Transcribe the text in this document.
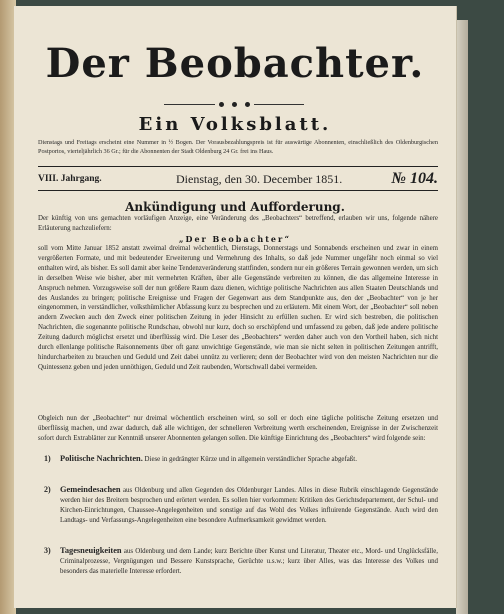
Der Beobachter.
Ein Volksblatt.
Dienstags und Freitags erscheint eine Nummer in ½ Bogen. Der Vorausbezahlungspreis ist für auswärtige Abonnenten, einschließlich des Oldenburgischen Postportos, vierteljährlich 36 Gr.; für die Abonnenten der Stadt Oldenburg 24 Gr. frei ins Haus.
VIII. Jahrgang.	Dienstag, den 30. December 1851.	№ 104.
Ankündigung und Aufforderung.
Der künftig von uns gemachten vorläufigen Anzeige, eine Veränderung des „Beobachters“ betreffend, erlauben wir uns, folgende nähere Erläuterung nachzuliefern:
„Der Beobachter“
soll vom Mitte Januar 1852 anstatt zweimal dreimal wöchentlich, Dienstags, Donnerstags und Sonnabends erscheinen und zwar in einem vergrößerten Formate, und mit bedeutender Erweiterung und Vermehrung des Inhalts, so daß jede Nummer ungefähr noch einmal so viel enthalten wird, als bisher. Es soll damit aber keine Tendenzveränderung stattfinden, sondern nur ein größeres Terrain gewonnen werden, um sich in derselben Weise wie bisher, aber mit vermehrten Kräften, über alle Gegenstände verbreiten zu können, die das allgemeine Interesse in Anspruch nehmen. Vorzugsweise soll der nun größere Raum dazu dienen, wichtige politische Nachrichten aus allen Staaten Deutschlands und des Auslandes zu bringen; politische Ereignisse und Fragen der Gegenwart aus dem Standpunkte aus, den der „Beobachter“ von je her eingenommen, in verständlicher, volksthümlicher Abfassung kurz zu besprechen und zu erläutern. Mit einem Wort, der „Beobachter“ soll neben andern Zwecken auch den Zweck einer politischen Zeitung in jeder Hinsicht zu erfüllen suchen. Er wird sich bestreben, die politischen Nachrichten, die sogenannte politische Rundschau, obwohl nur kurz, doch so erschöpfend und umfassend zu geben, daß jede andere politische Zeitung dadurch möglichst ersetzt und überflüssig wird. Die Leser des „Beobachters“ werden daher auch von den Vortheil haben, sich nicht durch ellenlange politische Raisonnements über oft ganz unwichtige Gegenstände, wie man sie nicht selten in politischen Zeitungen antrifft, hindurcharbeiten zu brauchen und Geduld und Zeit dabei unnütz zu verlieren; denn der Beobachter wird von den meisten Nachrichten nur die Quintessenz geben und jeden unnöthigen, Geduld und Zeit raubenden, Wortschwall dabei vermeiden.
Obgleich nun der „Beobachter“ nur dreimal wöchentlich erscheinen wird, so soll er doch eine tägliche politische Zeitung ersetzen und überflüssig machen, und zwar dadurch, daß alle wichtigen, der schnelleren Verbreitung werth erscheinenden, Ereignisse in der Zwischenzeit sofort durch Extrablätter zur Kenntniß unserer Abonnenten gelangen sollen. Die künftige Einrichtung des „Beobachters“ wird folgende sein:
1) Politische Nachrichten. Diese in gedrängter Kürze und in allgemein verständlicher Sprache abgefaßt.
2) Gemeindesachen aus Oldenburg und allen Gegenden des Oldenburger Landes. Alles in diese Rubrik einschlagende Gegenstände werden hier des Breitern besprochen und erörtert werden. Es sollen hier vorkommen: Kritiken des Gerichtsdepartement, der Schul- und Kirchen-Einrichtungen, Chaussee-Angelegenheiten und sonstige auf das Wohl des Volkes influirende Gegenstände. Auch wird den Landtags- und Verfassungs-Angelegenheiten eine besondere Aufmerksamkeit gewidmet werden.
3) Tagesneuigkeiten aus Oldenburg und dem Lande; kurz Berichte über Kunst und Literatur, Theater etc., Mord- und Unglücksfälle, Criminalprozesse, Vergnügungen und Bessere Kunstsprache, Gerüchte u.s.w.; kurz über Alles, was das Interesse des Volkes und besonders das materielle Interesse erfordert.
